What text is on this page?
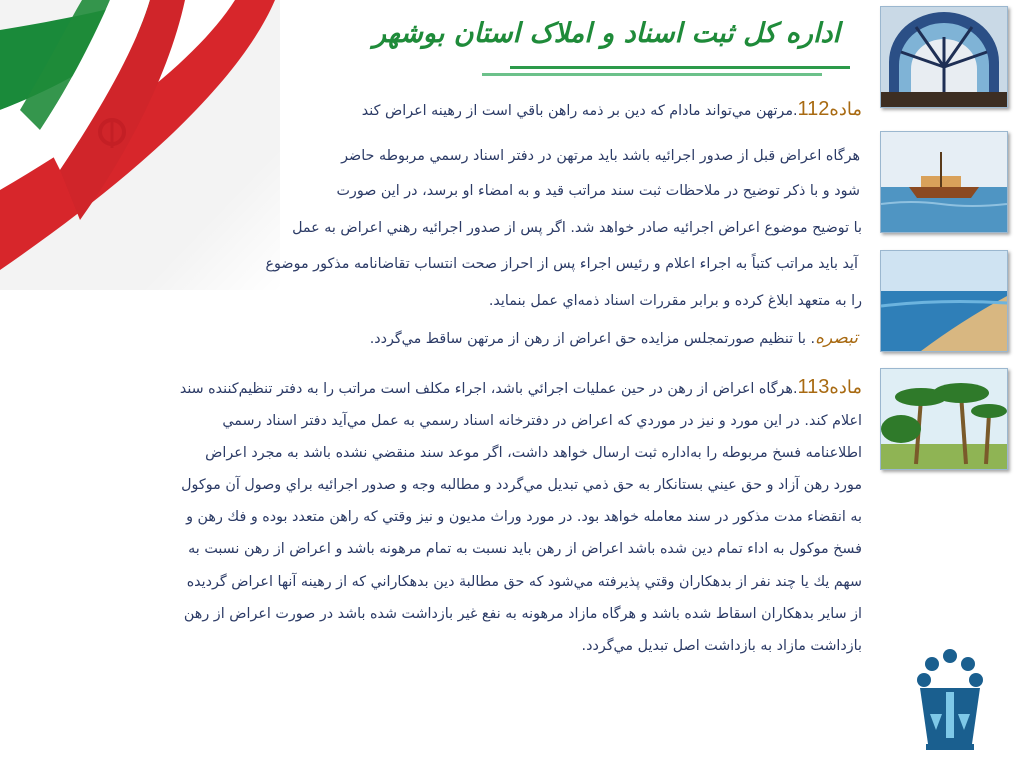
اداره کل ثبت اسناد و املاک استان بوشهر
ماده112.مرتهن مي‌تواند مادام كه دين بر ذمه راهن باقي است از رهينه اعراض كند
هرگاه اعراض قبل از صدور اجرائيه باشد بايد مرتهن در دفتر اسناد رسمي مربوطه حاضر
شود و با ذكر توضيح در ملاحظات ثبت سند مراتب قيد و به امضاء او برسد، در اين صورت
با توضيح موضوع اعراض اجرائيه صادر خواهد شد. اگر پس از صدور اجرائيه رهني اعراض به عمل
آيد بايد مراتب كتباً به اجراء اعلام و رئيس اجراء پس از احراز صحت انتساب تقاضانامه مذكور موضوع
را به متعهد ابلاغ كرده و برابر مقررات اسناد ذمه‌اي عمل بنمايد.
تبصره. با تنظيم صورتمجلس مزايده حق اعراض از رهن از مرتهن ساقط مي‌گردد.
ماده113.هرگاه اعراض از رهن در حين عمليات اجرائي باشد، اجراء مكلف است مراتب را به دفتر تنظيم‌كننده سند
اعلام كند. در اين مورد و نيز در موردي كه اعراض در دفترخانه اسناد رسمي به عمل مي‌آيد دفتر اسناد رسمي
اطلاعنامه فسخ مربوطه را به‌اداره ثبت ارسال خواهد داشت، اگر موعد سند منقضي نشده باشد به مجرد اعراض
مورد رهن آزاد و حق عيني بستانكار به حق ذمي تبديل مي‌گردد و مطالبه وجه و صدور اجرائيه براي وصول آن موكول
به انقضاء مدت مذكور در سند معامله خواهد بود. در مورد وراث مديون و نيز وقتي كه راهن متعدد بوده و فك رهن و
فسخ موكول به اداء تمام دين شده باشد اعراض از رهن بايد نسبت به تمام مرهونه باشد و اعراض از رهن نسبت به
سهم يك يا چند نفر از بدهكاران وقتي پذيرفته مي‌شود كه حق مطالبة دين بدهكاراني كه از رهينه آنها اعراض گرديده
از ساير بدهكاران اسقاط شده باشد و هرگاه مازاد مرهونه به نفع غير بازداشت شده باشد در صورت اعراض از رهن
بازداشت مازاد به بازداشت اصل تبديل مي‌گردد.
